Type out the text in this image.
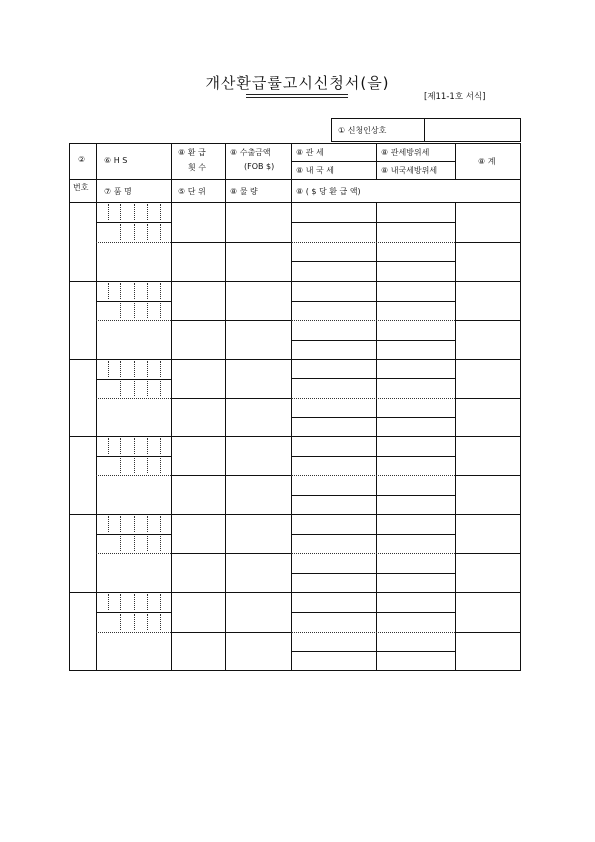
개산환급률고시신청서(을)
[제11-1호 서식]
① 신청인상호
②
번호
⑥ H S
⑦ 품 명
⑧ 환 급
횟 수
⑤ 단 위
⑧ 수출금액
(FOB $)
⑧ 물 량
⑧ 관 세	⑧ 관세방위세
⑧ 내 국 세	⑧ 내국세방위세
⑧ 계
⑧ ( $ 당 환 급 액)
